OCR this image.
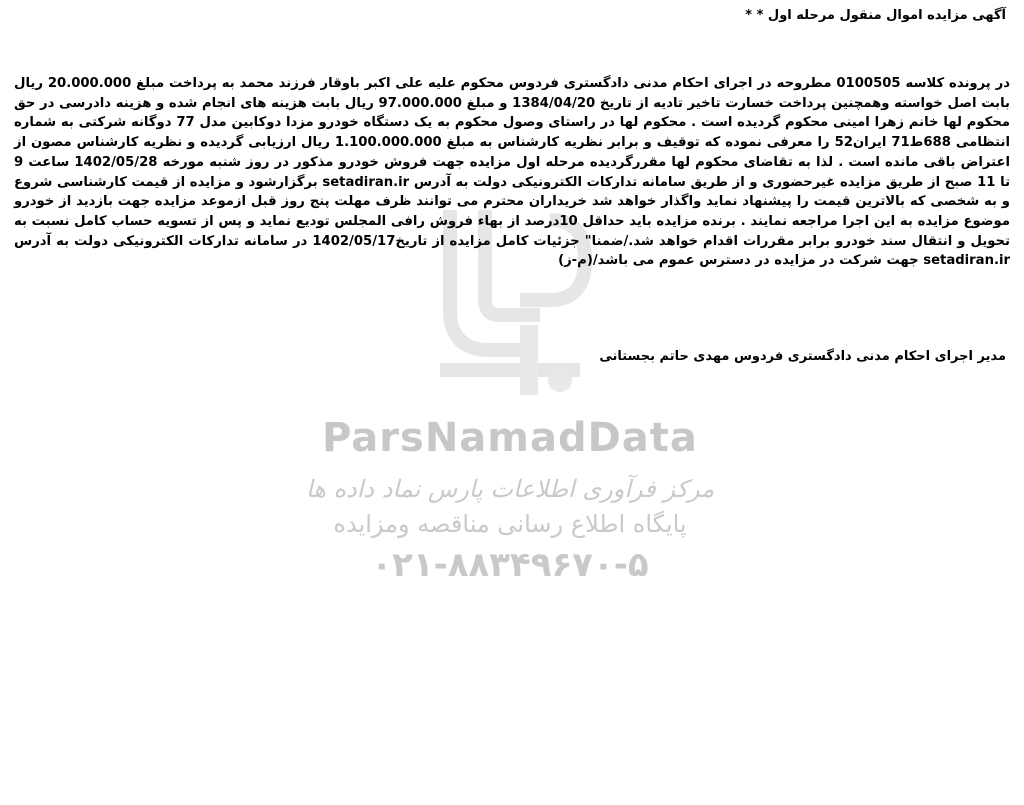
ParsNamadData
مرکز فرآوری اطلاعات پارس نماد داده ها
پایگاه اطلاع رسانی مناقصه ومزایده
۰۲۱-۸۸۳۴۹۶۷۰-۵
آگهی مزایده اموال منقول مرحله اول * *
در پرونده کلاسه 0100505 مطروحه در اجرای احکام مدنی دادگستری فردوس محکوم علیه علی اکبر باوقار فرزند محمد به پرداخت مبلغ 20.000.000 ریال بابت اصل خواسته وهمچنین پرداخت خسارت تاخیر تادیه از تاریخ 1384/04/20 و مبلغ 97.000.000 ریال بابت هزینه های انجام شده و هزینه دادرسی در حق محکوم لها خانم زهرا امینی محکوم گردیده است . محکوم لها در راستای وصول محکوم به یک دستگاه خودرو مزدا دوکابین مدل 77 دوگانه شرکتی به شماره انتظامی 688ط71 ایران52 را معرفی نموده که توقیف و برابر نظریه کارشناس به مبلغ 1.100.000.000 ریال ارزیابی گردیده و نظریه کارشناس مصون از اعتراض باقی مانده است . لذا به تقاضای محکوم لها مقررگردیده مرحله اول مزایده جهت فروش خودرو مذکور در روز شنبه مورخه 1402/05/28 ساعت 9 تا 11 صبح از طریق مزایده غیرحضوری و از طریق سامانه تدارکات الکترونیکی دولت به آدرس setadiran.ir برگزارشود و مزایده از قیمت کارشناسی شروع و به شخصی که بالاترین قیمت را پیشنهاد نماید واگذار خواهد شد خریداران محترم می توانند ظرف مهلت پنج روز قبل ازموعد مزایده جهت بازدید از خودرو موضوع مزایده به این اجرا مراجعه نمایند . برنده مزایده باید حداقل 10درصد از بهاء فروش رافی المجلس تودیع نماید و پس از تسویه حساب کامل نسبت به تحویل و انتقال سند خودرو برابر مقررات اقدام خواهد شد./ضمنا" جزئیات کامل مزایده از تاریخ1402/05/17 در سامانه تدارکات الکترونیکی دولت به آدرس setadiran.ir جهت شرکت در مزایده در دسترس عموم می باشد/(م-ز)
مدیر اجرای احکام مدنی دادگستری فردوس مهدی حاتم بجستانی
